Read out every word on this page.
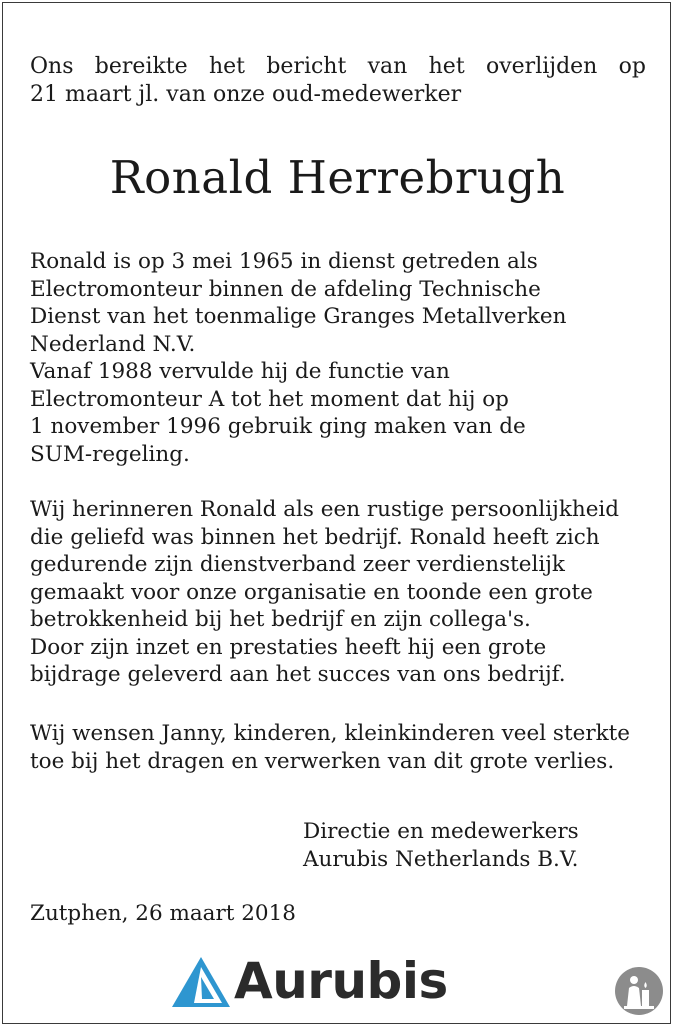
Ons bereikte het bericht van het overlijden op
21 maart jl. van onze oud-medewerker
Ronald Herrebrugh
Ronald is op 3 mei 1965 in dienst getreden als
Electromonteur binnen de afdeling Technische
Dienst van het toenmalige Granges Metallverken
Nederland N.V.
Vanaf 1988 vervulde hij de functie van
Electromonteur A tot het moment dat hij op
1 november 1996 gebruik ging maken van de
SUM-regeling.
Wij herinneren Ronald als een rustige persoonlijkheid
die geliefd was binnen het bedrijf. Ronald heeft zich
gedurende zijn dienstverband zeer verdienstelijk
gemaakt voor onze organisatie en toonde een grote
betrokkenheid bij het bedrijf en zijn collega's.
Door zijn inzet en prestaties heeft hij een grote
bijdrage geleverd aan het succes van ons bedrijf.
Wij wensen Janny, kinderen, kleinkinderen veel sterkte
toe bij het dragen en verwerken van dit grote verlies.
Directie en medewerkers
Aurubis Netherlands B.V.
Zutphen, 26 maart 2018
Aurubis
